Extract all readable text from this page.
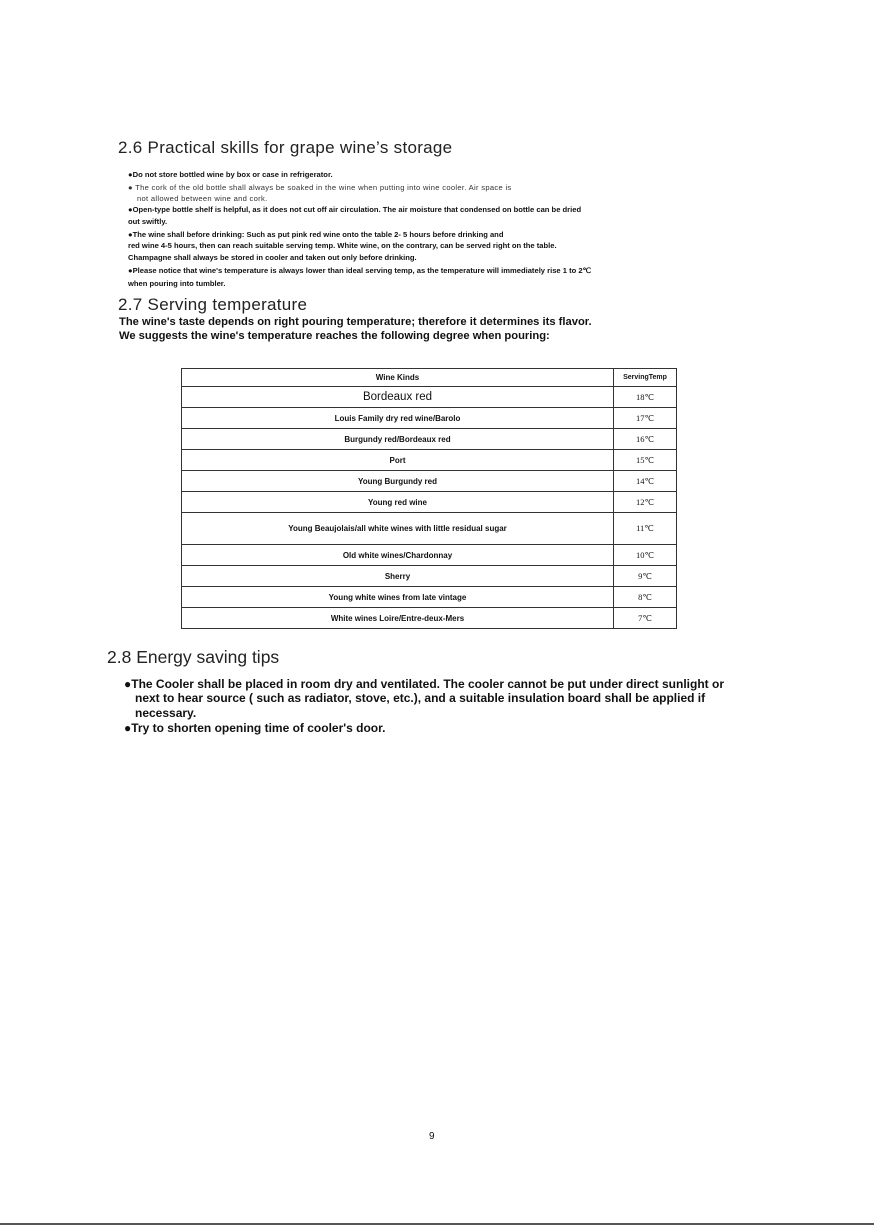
2.6 Practical skills for grape wine’s storage
●Do not store bottled wine by box or case in refrigerator.
● The cork of the old bottle shall always be soaked in the wine when putting into wine cooler. Air space is
not allowed between wine and cork.
●Open-type bottle shelf is helpful, as it does not cut off air circulation. The air moisture that condensed on bottle can be dried
out swiftly.
●The wine shall before drinking: Such as put pink red wine onto the table 2- 5 hours before drinking and
red wine 4-5 hours, then can reach suitable serving temp. White wine, on the contrary, can be served right on the table.
Champagne shall always be stored in cooler and taken out only before drinking.
●Please notice that wine's temperature is always lower than ideal serving temp, as the temperature will immediately rise 1 to 2℃
when pouring into tumbler.
2.7 Serving temperature
The wine's taste depends on right pouring temperature; therefore it determines its flavor.
We suggests the wine's temperature reaches the following degree when pouring:
Wine Kinds	ServingTemp
Bordeaux red	18℃
Louis Family dry red wine/Barolo	17℃
Burgundy red/Bordeaux red	16℃
Port	15℃
Young Burgundy red	14℃
Young red wine	12℃
Young Beaujolais/all white wines with little residual sugar	11℃
Old white wines/Chardonnay	10℃
Sherry	9℃
Young white wines from late vintage	8℃
White wines Loire/Entre-deux-Mers	7℃
2.8 Energy saving tips
●The Cooler shall be placed in room dry and ventilated. The cooler cannot be put under direct sunlight or
next to hear source ( such as radiator, stove, etc.), and a suitable insulation board shall be applied if
necessary.
●Try to shorten opening time of cooler's door.
9
